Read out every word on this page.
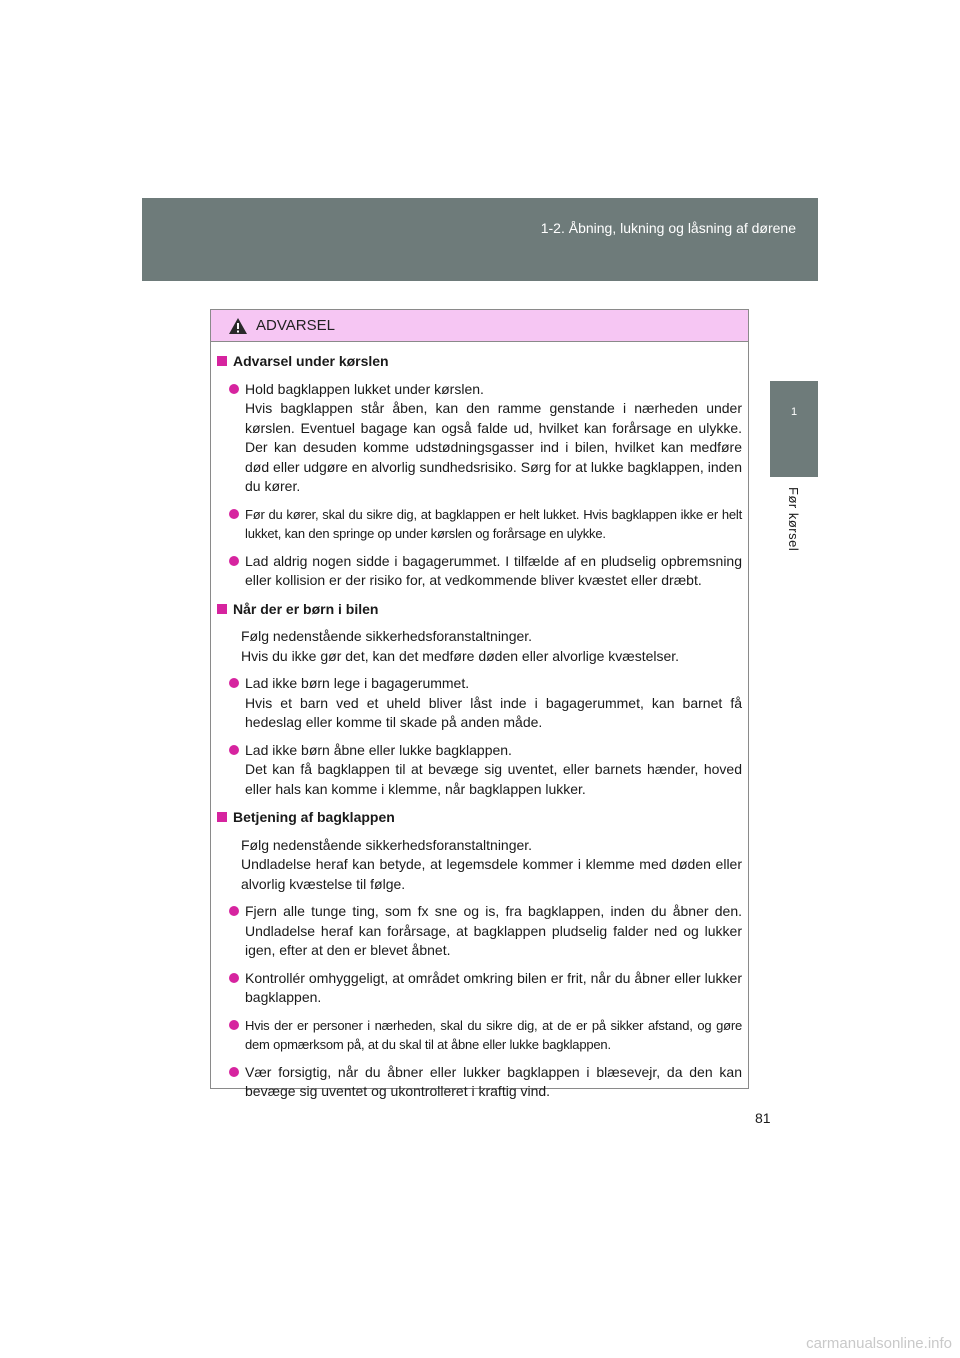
1-2. Åbning, lukning og låsning af dørene
1
Før kørsel
ADVARSEL
Advarsel under kørslen
Hold bagklappen lukket under kørslen.
Hvis bagklappen står åben, kan den ramme genstande i nærheden under kørslen. Eventuel bagage kan også falde ud, hvilket kan forårsage en ulykke. Der kan desuden komme udstødningsgasser ind i bilen, hvilket kan medføre død eller udgøre en alvorlig sundhedsrisiko. Sørg for at lukke bagklappen, inden du kører.
Før du kører, skal du sikre dig, at bagklappen er helt lukket. Hvis bagklappen ikke er helt lukket, kan den springe op under kørslen og forårsage en ulykke.
Lad aldrig nogen sidde i bagagerummet. I tilfælde af en pludselig opbremsning eller kollision er der risiko for, at vedkommende bliver kvæstet eller dræbt.
Når der er børn i bilen
Følg nedenstående sikkerhedsforanstaltninger.
Hvis du ikke gør det, kan det medføre døden eller alvorlige kvæstelser.
Lad ikke børn lege i bagagerummet.
Hvis et barn ved et uheld bliver låst inde i bagagerummet, kan barnet få hedeslag eller komme til skade på anden måde.
Lad ikke børn åbne eller lukke bagklappen.
Det kan få bagklappen til at bevæge sig uventet, eller barnets hænder, hoved eller hals kan komme i klemme, når bagklappen lukker.
Betjening af bagklappen
Følg nedenstående sikkerhedsforanstaltninger.
Undladelse heraf kan betyde, at legemsdele kommer i klemme med døden eller alvorlig kvæstelse til følge.
Fjern alle tunge ting, som fx sne og is, fra bagklappen, inden du åbner den. Undladelse heraf kan forårsage, at bagklappen pludselig falder ned og lukker igen, efter at den er blevet åbnet.
Kontrollér omhyggeligt, at området omkring bilen er frit, når du åbner eller lukker bagklappen.
Hvis der er personer i nærheden, skal du sikre dig, at de er på sikker afstand, og gøre dem opmærksom på, at du skal til at åbne eller lukke bagklappen.
Vær forsigtig, når du åbner eller lukker bagklappen i blæsevejr, da den kan bevæge sig uventet og ukontrolleret i kraftig vind.
81
carmanualsonline.info
